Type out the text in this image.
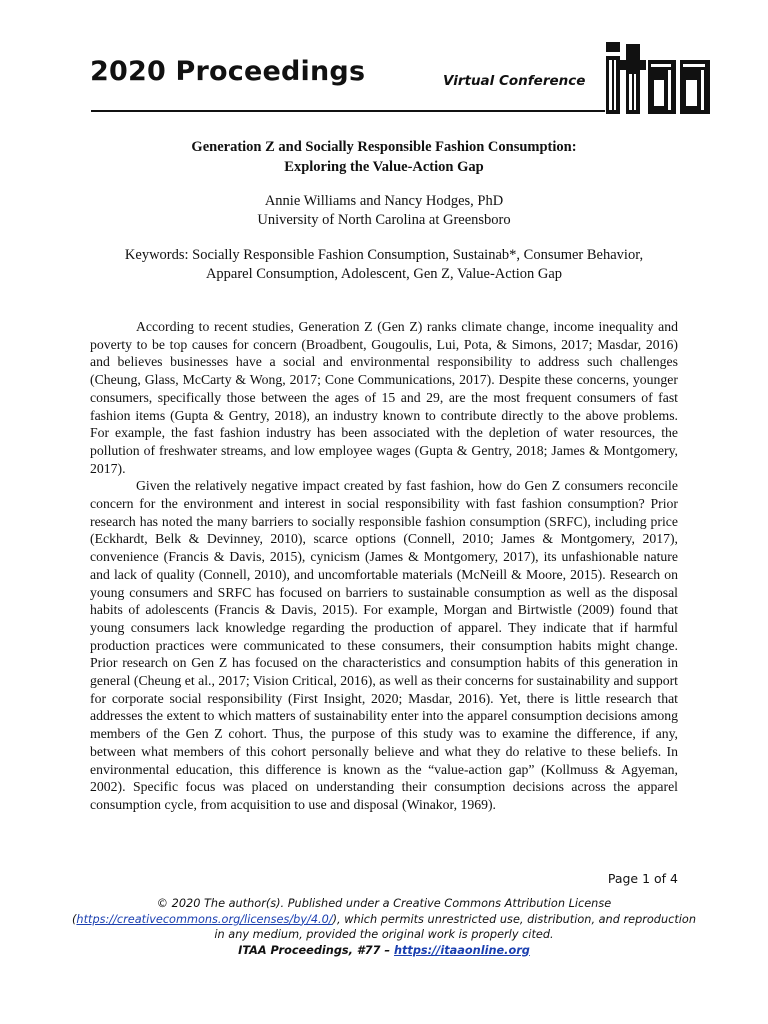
2020 Proceedings	Virtual Conference
Generation Z and Socially Responsible Fashion Consumption:
Exploring the Value-Action Gap
Annie Williams and Nancy Hodges, PhD
University of North Carolina at Greensboro
Keywords: Socially Responsible Fashion Consumption, Sustainab*, Consumer Behavior,
Apparel Consumption, Adolescent, Gen Z, Value-Action Gap

According to recent studies, Generation Z (Gen Z) ranks climate change, income inequality and poverty to be top causes for concern (Broadbent, Gougoulis, Lui, Pota, & Simons, 2017; Masdar, 2016) and believes businesses have a social and environmental responsibility to address such challenges (Cheung, Glass, McCarty & Wong, 2017; Cone Communications, 2017). Despite these concerns, younger consumers, specifically those between the ages of 15 and 29, are the most frequent consumers of fast fashion items (Gupta & Gentry, 2018), an industry known to contribute directly to the above problems. For example, the fast fashion industry has been associated with the depletion of water resources, the pollution of freshwater streams, and low employee wages (Gupta & Gentry, 2018; James & Montgomery, 2017).

Given the relatively negative impact created by fast fashion, how do Gen Z consumers reconcile concern for the environment and interest in social responsibility with fast fashion consumption? Prior research has noted the many barriers to socially responsible fashion consumption (SRFC), including price (Eckhardt, Belk & Devinney, 2010), scarce options (Connell, 2010; James & Montgomery, 2017), convenience (Francis & Davis, 2015), cynicism (James & Montgomery, 2017), its unfashionable nature and lack of quality (Connell, 2010), and uncomfortable materials (McNeill & Moore, 2015). Research on young consumers and SRFC has focused on barriers to sustainable consumption as well as the disposal habits of adolescents (Francis & Davis, 2015). For example, Morgan and Birtwistle (2009) found that young consumers lack knowledge regarding the production of apparel. They indicate that if harmful production practices were communicated to these consumers, their consumption habits might change. Prior research on Gen Z has focused on the characteristics and consumption habits of this generation in general (Cheung et al., 2017; Vision Critical, 2016), as well as their concerns for sustainability and support for corporate social responsibility (First Insight, 2020; Masdar, 2016). Yet, there is little research that addresses the extent to which matters of sustainability enter into the apparel consumption decisions among members of the Gen Z cohort. Thus, the purpose of this study was to examine the difference, if any, between what members of this cohort personally believe and what they do relative to these beliefs. In environmental education, this difference is known as the “value-action gap” (Kollmuss & Agyeman, 2002). Specific focus was placed on understanding their consumption decisions across the apparel consumption cycle, from acquisition to use and disposal (Winakor, 1969).

Page 1 of 4
© 2020 The author(s). Published under a Creative Commons Attribution License
(https://creativecommons.org/licenses/by/4.0/), which permits unrestricted use, distribution, and reproduction
in any medium, provided the original work is properly cited.
ITAA Proceedings, #77 – https://itaaonline.org
